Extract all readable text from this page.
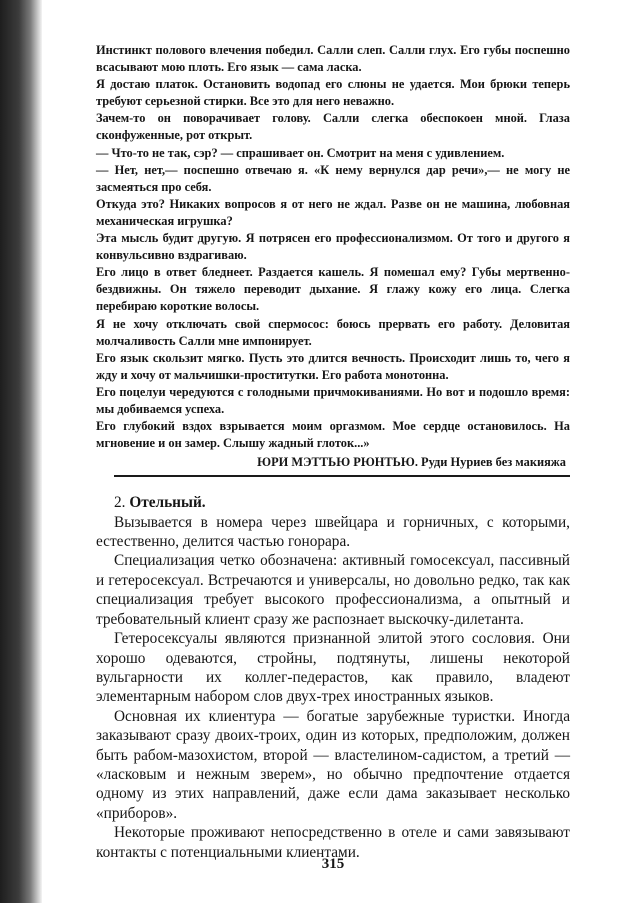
Инстинкт полового влечения победил. Салли слеп. Салли глух. Его губы поспешно всасывают мою плоть. Его язык — сама ласка.

Я достаю платок. Остановить водопад его слюны не удается. Мои брюки теперь требуют серьезной стирки. Все это для него неважно.

Зачем-то он поворачивает голову. Салли слегка обеспокоен мной. Глаза сконфуженные, рот открыт.

— Что-то не так, сэр? — спрашивает он. Смотрит на меня с удивлением.

— Нет, нет,— поспешно отвечаю я. «К нему вернулся дар речи»,— не могу не засмеяться про себя.

Откуда это? Никаких вопросов я от него не ждал. Разве он не машина, любовная механическая игрушка?

Эта мысль будит другую. Я потрясен его профессионализмом. От того и другого я конвульсивно вздрагиваю.

Его лицо в ответ бледнеет. Раздается кашель. Я помешал ему? Губы мертвенно-бездвижны. Он тяжело переводит дыхание. Я глажу кожу его лица. Слегка перебираю короткие волосы.

Я не хочу отключать свой спермосос: боюсь прервать его работу. Деловитая молчаливость Салли мне импонирует.

Его язык скользит мягко. Пусть это длится вечность. Происходит лишь то, чего я жду и хочу от мальчишки-проститутки. Его работа монотонна.

Его поцелуи чередуются с голодными причмокиваниями. Но вот и подошло время: мы добиваемся успеха.

Его глубокий вздох взрывается моим оргазмом. Мое сердце остановилось. На мгновение и он замер. Слышу жадный глоток...»

ЮРИ МЭТТЬЮ РЮНТЬЮ. Руди Нуриев без макияжа

2. Отельный.

Вызывается в номера через швейцара и горничных, с которыми, естественно, делится частью гонорара.

Специализация четко обозначена: активный гомосексуал, пассивный и гетеросексуал. Встречаются и универсалы, но довольно редко, так как специализация требует высокого профессионализма, а опытный и требовательный клиент сразу же распознает выскочку-дилетанта.

Гетеросексуалы являются признанной элитой этого сословия. Они хорошо одеваются, стройны, подтянуты, лишены некоторой вульгарности их коллег-педерастов, как правило, владеют элементарным набором слов двух-трех иностранных языков.

Основная их клиентура — богатые зарубежные туристки. Иногда заказывают сразу двоих-троих, один из которых, предположим, должен быть рабом-мазохистом, второй — властелином-садистом, а третий — «ласковым и нежным зверем», но обычно предпочтение отдается одному из этих направлений, даже если дама заказывает несколько «приборов».

Некоторые проживают непосредственно в отеле и сами завязывают контакты с потенциальными клиентами.

315
